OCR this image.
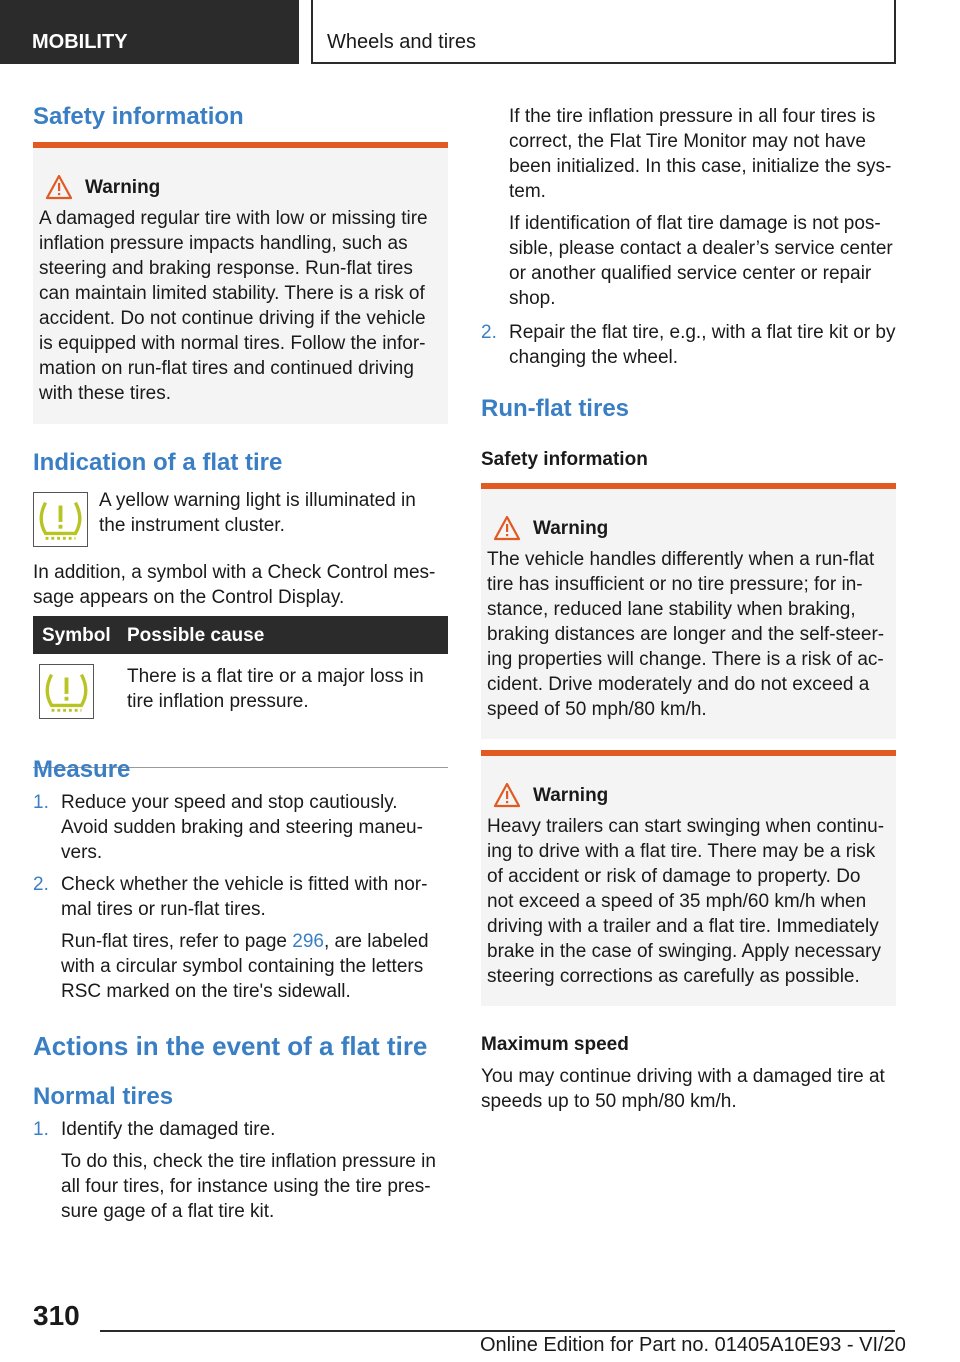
MOBILITY	Wheels and tires
Safety information
Warning

A damaged regular tire with low or missing tire inflation pressure impacts handling, such as steering and braking response. Run-flat tires can maintain limited stability. There is a risk of accident. Do not continue driving if the vehicle is equipped with normal tires. Follow the infor-mation on run-flat tires and continued driving with these tires.

Indication of a flat tire
A yellow warning light is illuminated in the instrument cluster.
In addition, a symbol with a Check Control mes-sage appears on the Control Display.
Symbol Possible cause
There is a flat tire or a major loss in tire inflation pressure.
Measure
1. Reduce your speed and stop cautiously. Avoid sudden braking and steering maneu-vers.

2. Check whether the vehicle is fitted with nor-mal tires or run-flat tires.

Run-flat tires, refer to page 296, are labeled with a circular symbol containing the letters RSC marked on the tire's sidewall.

Actions in the event of a flat tire
Normal tires
1. Identify the damaged tire.

To do this, check the tire inflation pressure in all four tires, for instance using the tire pres-sure gage of a flat tire kit.

If the tire inflation pressure in all four tires is correct, the Flat Tire Monitor may not have been initialized. In this case, initialize the sys-tem.

If identification of flat tire damage is not pos-sible, please contact a dealer’s service center or another qualified service center or repair shop.

2. Repair the flat tire, e.g., with a flat tire kit or by changing the wheel.

Run-flat tires
Safety information
Warning

The vehicle handles differently when a run-flat tire has insufficient or no tire pressure; for in-stance, reduced lane stability when braking, braking distances are longer and the self-steer-ing properties will change. There is a risk of ac-cident. Drive moderately and do not exceed a speed of 50 mph/80 km/h.

Warning

Heavy trailers can start swinging when continu-ing to drive with a flat tire. There may be a risk of accident or risk of damage to property. Do not exceed a speed of 35 mph/60 km/h when driving with a trailer and a flat tire. Immediately brake in the case of swinging. Apply necessary steering corrections as carefully as possible.

Maximum speed

You may continue driving with a damaged tire at speeds up to 50 mph/80 km/h.

310
Online Edition for Part no. 01405A10E93 - VI/20
